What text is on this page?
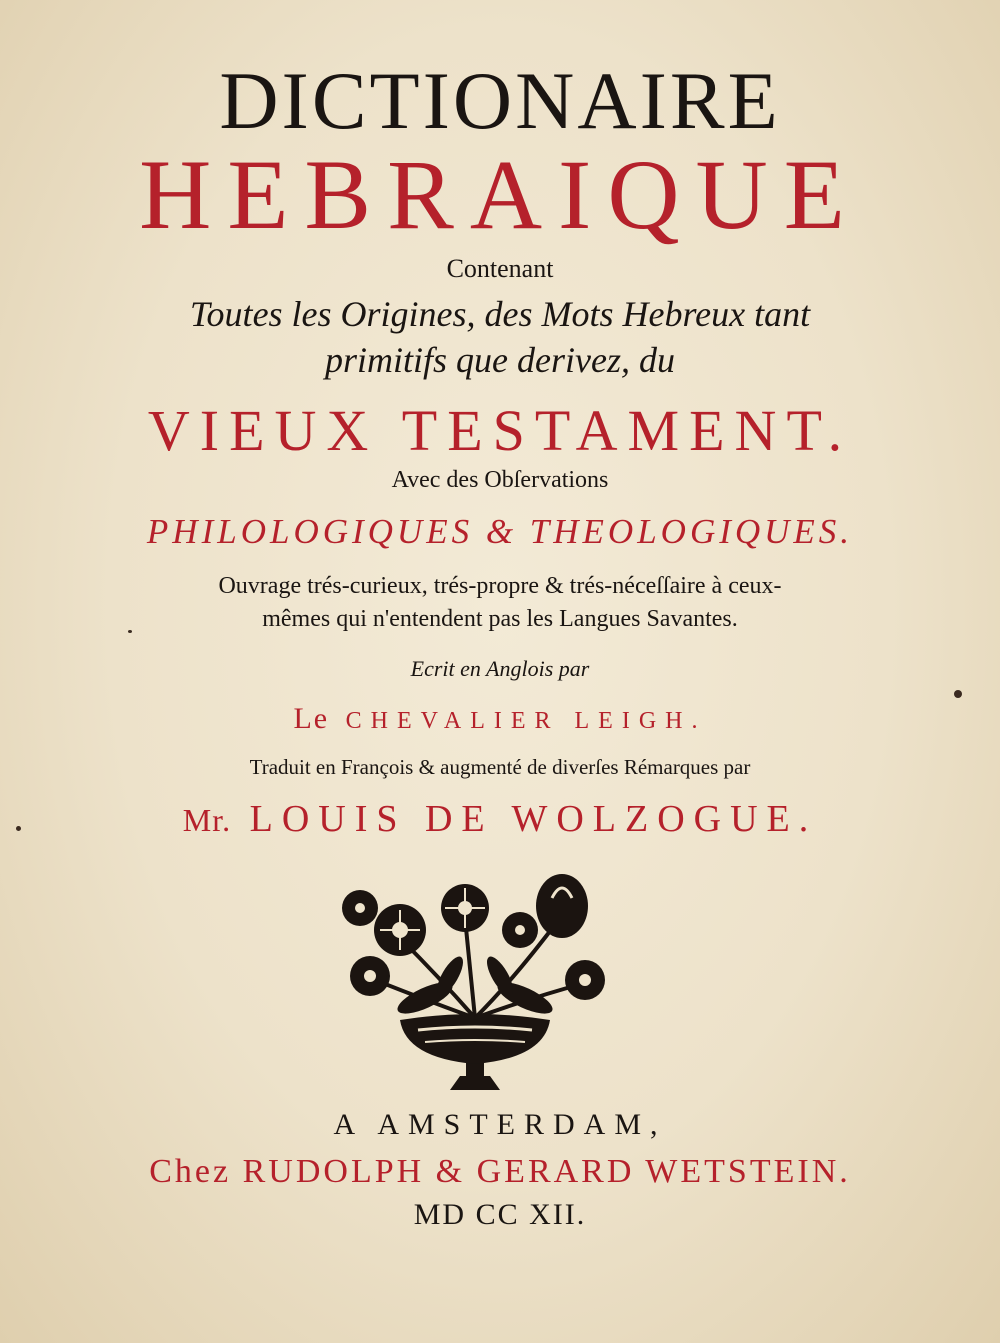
DICTIONAIRE
HEBRAIQUE
Contenant
Toutes les Origines, des Mots Hebreux tant
primitifs que derivez, du
VIEUX TESTAMENT.
Avec des Obſervations
PHILOLOGIQUES & THEOLOGIQUES.
Ouvrage trés-curieux, trés-propre & trés-néceſſaire à ceux-
mêmes qui n'entendent pas les Langues Savantes.
Ecrit en Anglois par
Le CHEVALIER LEIGH.
Traduit en François & augmenté de diverſes Rémarques par
Mr. LOUIS DE WOLZOGUE.
A AMSTERDAM,
Chez RUDOLPH & GERARD WETSTEIN.
MD CC XII.
